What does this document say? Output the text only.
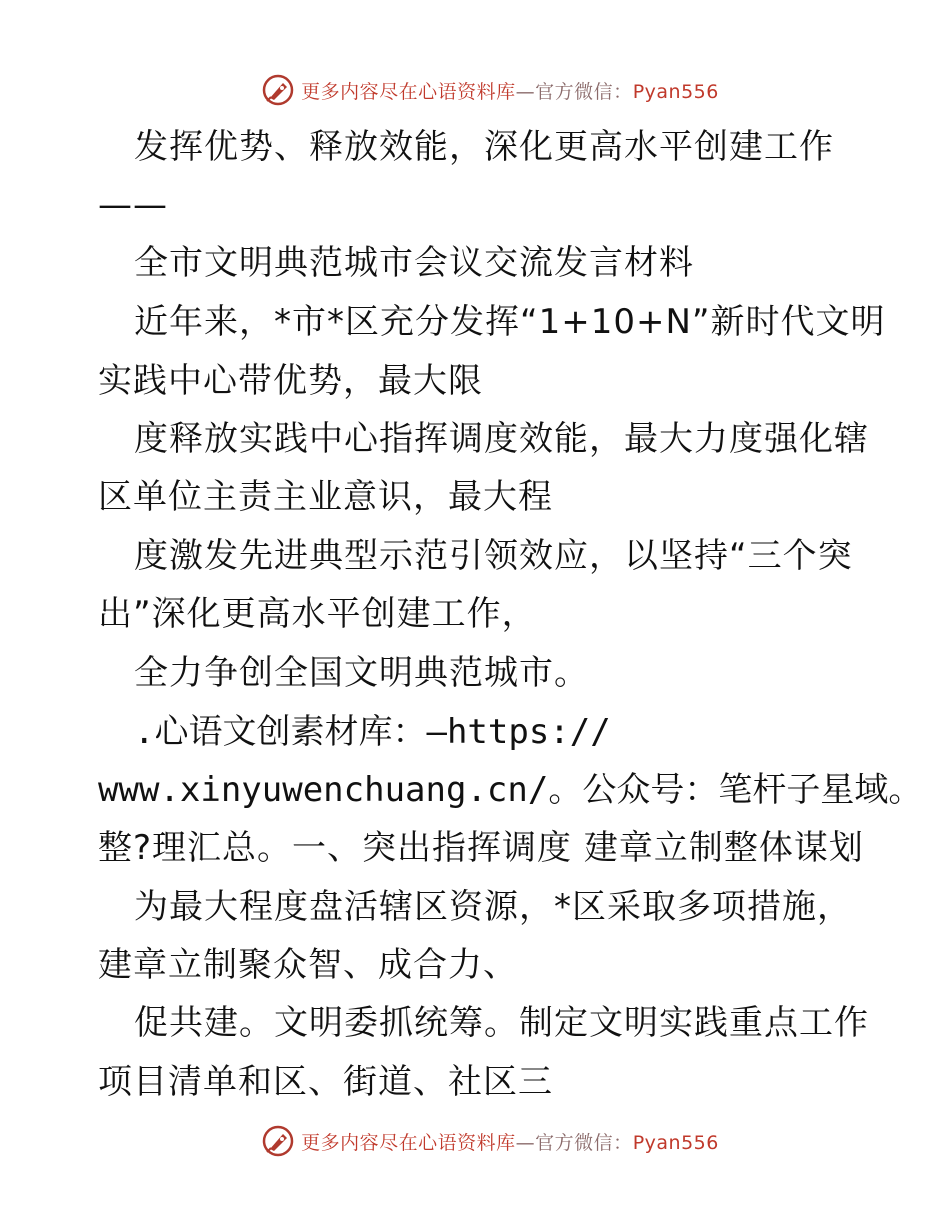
更多内容尽在心语资料库—官方微信：Pyan556
发挥优势、释放效能，深化更高水平创建工作
——
全市文明典范城市会议交流发言材料
近年来，*市*区充分发挥“1+10+N”新时代文明
实践中心带优势，最大限
度释放实践中心指挥调度效能，最大力度强化辖
区单位主责主业意识，最大程
度激发先进典型示范引领效应，以坚持“三个突
出”深化更高水平创建工作，
全力争创全国文明典范城市。
.心语文创素材库：—https://
www.xinyuwenchuang.cn/。公众号：笔杆子星域。
整?理汇总。一、突出指挥调度 建章立制整体谋划
为最大程度盘活辖区资源，*区采取多项措施，
建章立制聚众智、成合力、
促共建。文明委抓统筹。制定文明实践重点工作
项目清单和区、街道、社区三
更多内容尽在心语资料库—官方微信：Pyan556
